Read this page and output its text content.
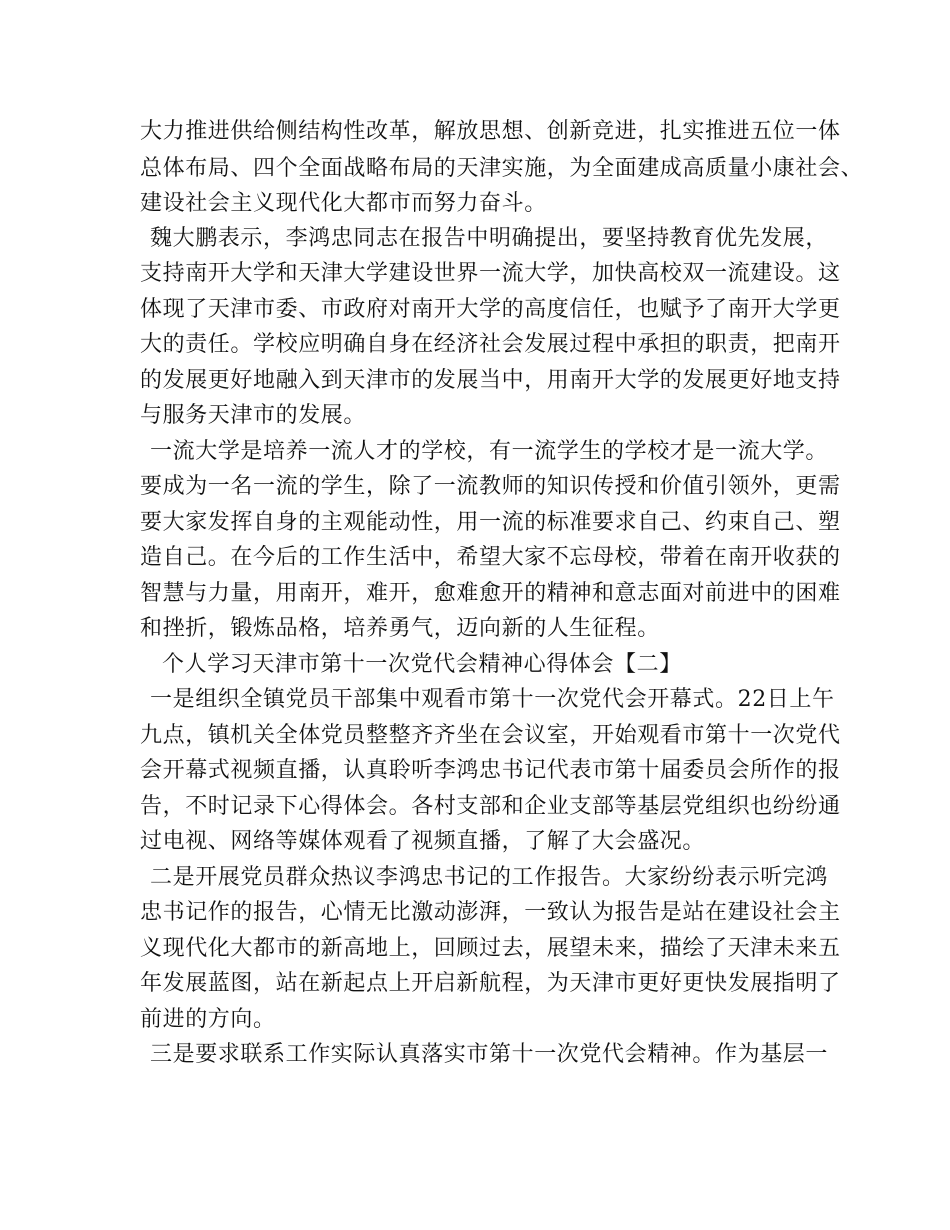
大力推进供给侧结构性改革，解放思想、创新竞进，扎实推进五位一体
总体布局、四个全面战略布局的天津实施，为全面建成高质量小康社会、
建设社会主义现代化大都市而努力奋斗。
魏大鹏表示，李鸿忠同志在报告中明确提出，要坚持教育优先发展，
支持南开大学和天津大学建设世界一流大学，加快高校双一流建设。这
体现了天津市委、市政府对南开大学的高度信任，也赋予了南开大学更
大的责任。学校应明确自身在经济社会发展过程中承担的职责，把南开
的发展更好地融入到天津市的发展当中，用南开大学的发展更好地支持
与服务天津市的发展。
一流大学是培养一流人才的学校，有一流学生的学校才是一流大学。
要成为一名一流的学生，除了一流教师的知识传授和价值引领外，更需
要大家发挥自身的主观能动性，用一流的标准要求自己、约束自己、塑
造自己。在今后的工作生活中，希望大家不忘母校，带着在南开收获的
智慧与力量，用南开，难开，愈难愈开的精神和意志面对前进中的困难
和挫折，锻炼品格，培养勇气，迈向新的人生征程。
个人学习天津市第十一次党代会精神心得体会【二】
一是组织全镇党员干部集中观看市第十一次党代会开幕式。22日上午
九点，镇机关全体党员整整齐齐坐在会议室，开始观看市第十一次党代
会开幕式视频直播，认真聆听李鸿忠书记代表市第十届委员会所作的报
告，不时记录下心得体会。各村支部和企业支部等基层党组织也纷纷通
过电视、网络等媒体观看了视频直播，了解了大会盛况。
二是开展党员群众热议李鸿忠书记的工作报告。大家纷纷表示听完鸿
忠书记作的报告，心情无比激动澎湃，一致认为报告是站在建设社会主
义现代化大都市的新高地上，回顾过去，展望未来，描绘了天津未来五
年发展蓝图，站在新起点上开启新航程，为天津市更好更快发展指明了
前进的方向。
三是要求联系工作实际认真落实市第十一次党代会精神。作为基层一
